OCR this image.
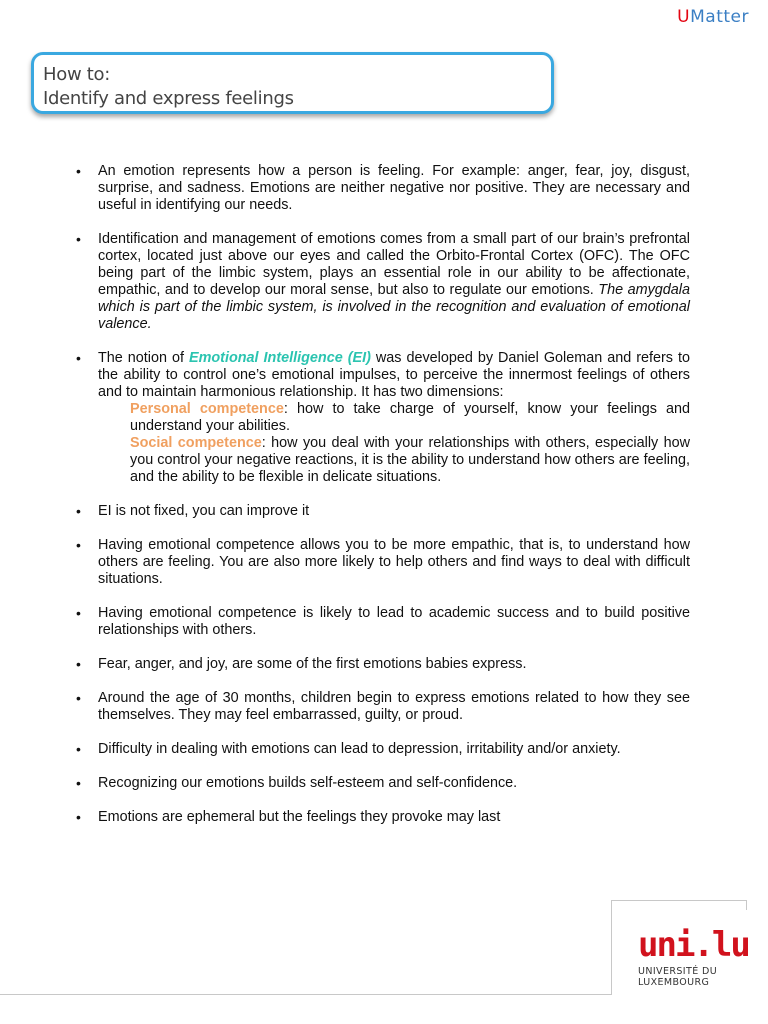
UMatter
How to:
Identify and express feelings
• An emotion represents how a person is feeling. For example: anger, fear, joy, disgust, surprise, and sadness. Emotions are neither negative nor positive. They are necessary and useful in identifying our needs.
• Identification and management of emotions comes from a small part of our brain’s prefrontal cortex, located just above our eyes and called the Orbito-Frontal Cortex (OFC). The OFC being part of the limbic system, plays an essential role in our ability to be affectionate, empathic, and to develop our moral sense, but also to regulate our emotions. The amygdala which is part of the limbic system, is involved in the recognition and evaluation of emotional valence.
• The notion of Emotional Intelligence (EI) was developed by Daniel Goleman and refers to the ability to control one’s emotional impulses, to perceive the innermost feelings of others and to maintain harmonious relationship. It has two dimensions:
Personal competence: how to take charge of yourself, know your feelings and understand your abilities.
Social competence: how you deal with your relationships with others, especially how you control your negative reactions, it is the ability to understand how others are feeling, and the ability to be flexible in delicate situations.
• EI is not fixed, you can improve it
• Having emotional competence allows you to be more empathic, that is, to understand how others are feeling. You are also more likely to help others and find ways to deal with difficult situations.
• Having emotional competence is likely to lead to academic success and to build positive relationships with others.
• Fear, anger, and joy, are some of the first emotions babies express.
• Around the age of 30 months, children begin to express emotions related to how they see themselves. They may feel embarrassed, guilty, or proud.
• Difficulty in dealing with emotions can lead to depression, irritability and/or anxiety.
• Recognizing our emotions builds self-esteem and self-confidence.
• Emotions are ephemeral but the feelings they provoke may last
uni.lu
UNIVERSITÉ DU
LUXEMBOURG
